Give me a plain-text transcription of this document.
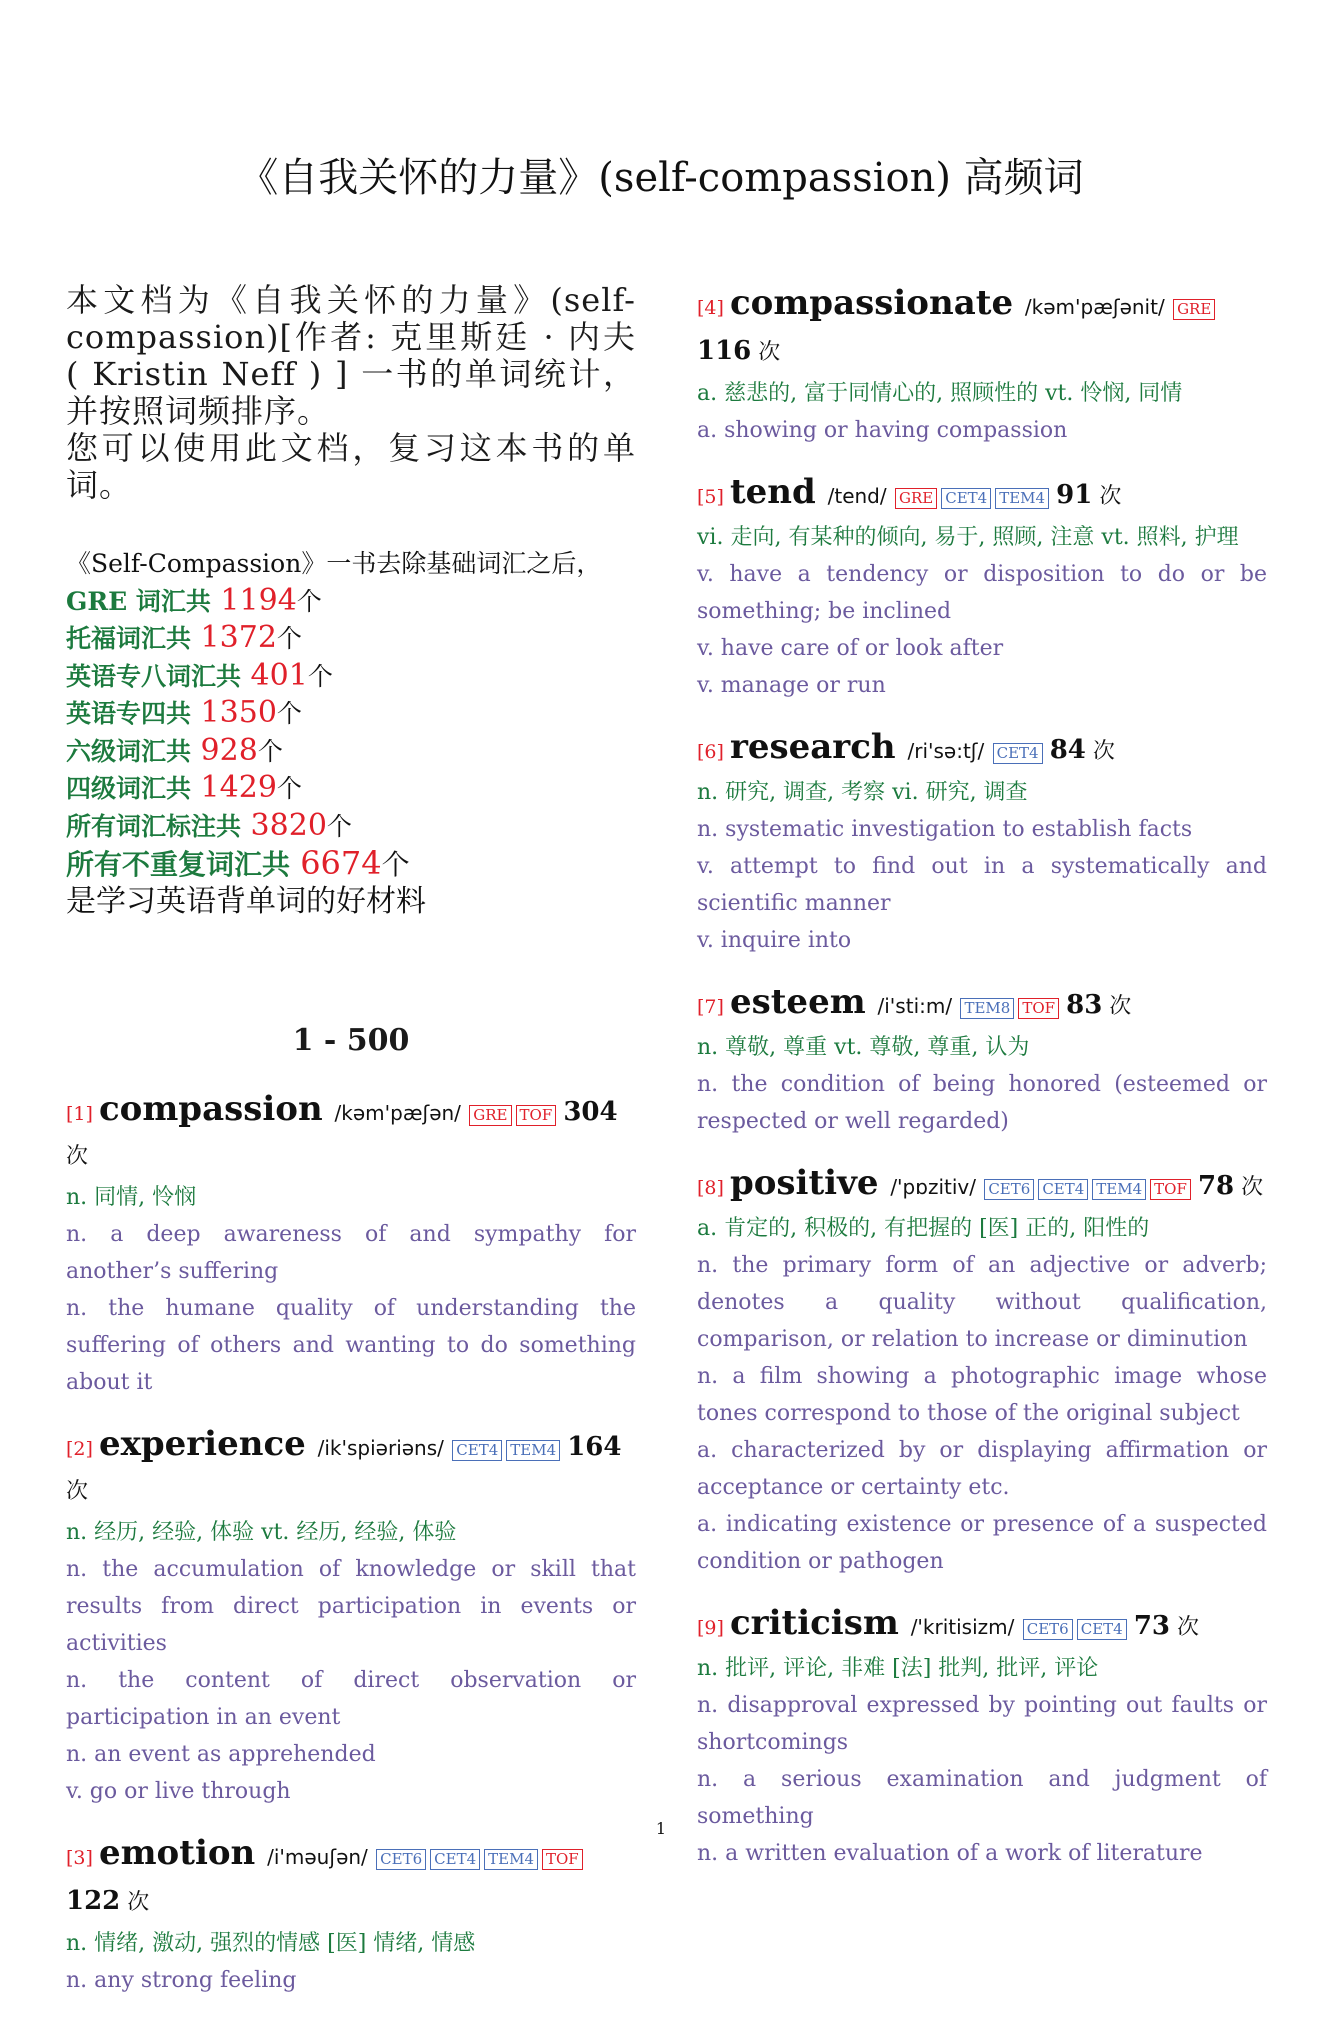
《自我关怀的力量》(self-compassion) 高频词

本文档为《自我关怀的力量》(self-compassion)[作者: 克里斯廷 · 内夫 ( Kristin Neff ) ] 一书的单词统计，并按照词频排序。

您可以使用此文档，复习这本书的单词。

《Self-Compassion》一书去除基础词汇之后，
GRE 词汇共 1194个
托福词汇共 1372个
英语专八词汇共 401个
英语专四共 1350个
六级词汇共 928个
四级词汇共 1429个
所有词汇标注共 3820个
所有不重复词汇共 6674个
是学习英语背单词的好材料
1 - 500
[1] compassion /kəm'pæʃən/ GRE TOF 304 次
n. 同情, 怜悯
n. a deep awareness of and sympathy for another’s suffering
n. the humane quality of understanding the suffering of others and wanting to do something about it
[2] experience /ik'spiəriəns/ CET4 TEM4 164 次
n. 经历, 经验, 体验 vt. 经历, 经验, 体验
n. the accumulation of knowledge or skill that results from direct participation in events or activities
n. the content of direct observation or participation in an event
n. an event as apprehended
v. go or live through
[3] emotion /i'məuʃən/ CET6 CET4 TEM4 TOF 122 次
n. 情绪, 激动, 强烈的情感 [医] 情绪, 情感
n. any strong feeling
[4] compassionate /kəm'pæʃənit/ GRE 116 次
a. 慈悲的, 富于同情心的, 照顾性的 vt. 怜悯, 同情
a. showing or having compassion
[5] tend /tend/ GRE CET4 TEM4 91 次
vi. 走向, 有某种的倾向, 易于, 照顾, 注意 vt. 照料, 护理
v. have a tendency or disposition to do or be something; be inclined
v. have care of or look after
v. manage or run
[6] research /ri'sə:tʃ/ CET4 84 次
n. 研究, 调查, 考察 vi. 研究, 调查
n. systematic investigation to establish facts
v. attempt to find out in a systematically and scientific manner
v. inquire into
[7] esteem /i'sti:m/ TEM8 TOF 83 次
n. 尊敬, 尊重 vt. 尊敬, 尊重, 认为
n. the condition of being honored (esteemed or respected or well regarded)
[8] positive /'pɒzitiv/ CET6 CET4 TEM4 TOF 78 次
a. 肯定的, 积极的, 有把握的 [医] 正的, 阳性的
n. the primary form of an adjective or adverb; denotes a quality without qualification, comparison, or relation to increase or diminution
n. a film showing a photographic image whose tones correspond to those of the original subject
a. characterized by or displaying affirmation or acceptance or certainty etc.
a. indicating existence or presence of a suspected condition or pathogen
[9] criticism /'kritisizm/ CET6 CET4 73 次
n. 批评, 评论, 非难 [法] 批判, 批评, 评论
n. disapproval expressed by pointing out faults or shortcomings
n. a serious examination and judgment of something
n. a written evaluation of a work of literature
1
